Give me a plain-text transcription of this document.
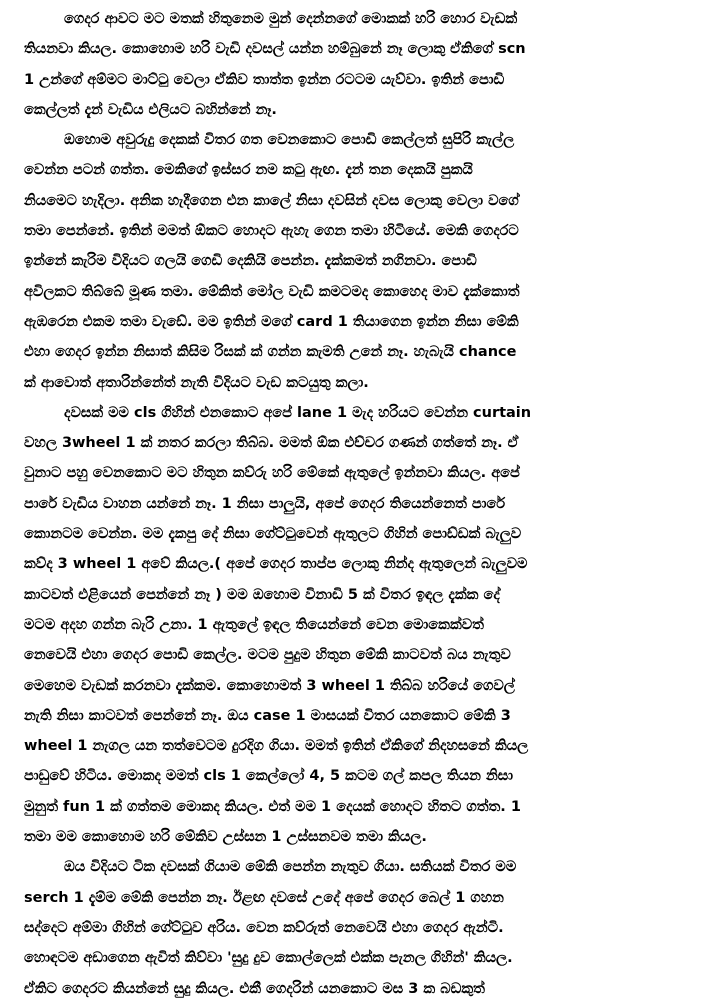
ගෙදර ආවට මට මතක් හිතුනෙම මුන් දෙන්නගේ මොකක් හරි හොර වැඩක්
තියනවා කියල. කොහොම හරි වැඩි දවසල් යන්න හම්බුනේ නෑ ලොකු ඒකිගේ scn
1 උන්ගේ අම්මට මාට්ටු වෙලා ඒකිව තාත්ත ඉන්න රටටම යැව්වා. ඉතින් පොඩි
කෙල්ලත් දැන් වැඩිය එලියට බහින්නේ නෑ.
ඔහොම අවුරුදු දෙකක් විතර ගත වෙනකොට පොඩි කෙල්ලත් සුපිරි කැල්ල
වෙන්න පටන් ගත්ත. මෙකිගේ ඉස්සර නම කටු ඇඟ. දැන් තන දෙකයි පුකයි
නියමෙට හැදිලා. අනික හැදීගෙන එන කාලේ නිසා දවසින් දවස ලොකු වෙලා වගේ
තමා පෙන්නේ. ඉතින් මමත් ඕකට හොදට ඇහැ ගෙන තමා හිටියේ. මෙකි ගෙදරට
ඉන්නේ කැරිම විදියට ගලයි ගෙඩි දෙකියි පෙන්න. දැක්කමත් නගිනවා. පොඩි
අවිලකට තිබ්බේ මූණ තමා. මේකිත් මෝල වැඩි කමටමද කොහෙද මාව දැක්කොත්
ඇඹරෙන එකම තමා වැඩේ. මම ඉතින් මගේ card 1 තියාගෙන ඉන්න නිසා මේකි
එහා ගෙදර ඉන්න නිසාත් කිසිම රිසක් ක් ගන්න කැමති උනේ නෑ. හැබැයි chance
ක් ආවොත් අතාරින්නේත් නැති විදියට වැඩ කටයුතු කලා.
දවසක් මම cls ගිහින් එනකොට අපේ lane 1 මැද හරියට වෙන්න curtain
වහල 3wheel 1 ක් නතර කරලා තිබ්බ. මමත් ඕක එච්චර ගණන් ගත්තේ නෑ. ඒ
වුනාට පහු වෙනකොට මට හිතුන කව්රු හරි මේකේ ඇතුලේ ඉන්නවා කියල. අපේ
පාරේ වැඩිය වාහන යන්නේ නෑ. 1 නිසා පාලුයි, අපේ ගෙදර තියෙන්නෙත් පාරේ
කොනටම වෙන්න. මම දැකපු දේ නිසා ගේට්ටුවෙන් ඇතුලට ගිහින් පොඩ්ඩක් බැලුව
කව්ද 3 wheel 1 අවේ කියල.( අපේ ගෙදර තාප්ප ලොකු නින්ද ඇතුලෙන් බැලුවම
කාටවත් එළියෙන් පෙන්නේ නෑ ) මම ඔහොම විනාඩි 5 ක් විතර ඉඳල දැක්ක දේ
මටම අදහ ගන්න බැරි උනා. 1 ඇතුලේ ඉඳල තියෙන්නේ වෙන මොකෙක්වත්
නෙවෙයි එහා ගෙදර පොඩි කෙල්ල. මටම පුදුම හිතුන මේකි කාටවත් බය නැතුව
මෙහෙම වැඩක් කරනවා දැක්කම. කොහොමත් 3 wheel 1 තිබ්බ හරියේ ගෙවල්
නැති නිසා කාටවත් පෙන්නේ නෑ. ඔය case 1 මාසයක් විතර යනකොට මේකි 3
wheel 1 නැගල යන තත්වෙටම දුරදිග ගියා. මමත් ඉතින් ඒකිගේ නිදහසනේ කියල
පාඩුවේ හිටිය. මොකද මමත් cls 1 කෙල්ලෝ 4, 5 කටම ගල් කපල තියන නිසා
මුනුත් fun 1 ක් ගත්තම මොකද කියල. එත් මම 1 දෙයක් හොදට හිතට ගත්ත. 1
තමා මම කොහොම හරි මේකිව උස්සන 1 උස්සනවම තමා කියල.
ඔය විදියට ටික දවසක් ගියාම මේකි පෙන්න නැතුව ගියා. සතියක් විතර මම
serch 1 දැම්ම මේකි පෙන්න නෑ. ඊළඟ දවසේ උදේ අපේ ගෙදර බෙල් 1 ගහන
සද්දෙට අම්මා ගිහින් ගේට්ටුව අරිය. වෙන කව්රුත් නෙවෙයි එහා ගෙදර ඇන්ටි.
හොඳටම අඩාගෙන ඇවිත් කිව්වා 'සුදු දුව කොල්ලෙක් එක්ක පැනල ගිහින්' කියල.
ඒකිට ගෙදරට කියන්නේ සුදු කියල. එකී ගෙදරින් යනකොට මස 3 ක බඩකුත්
